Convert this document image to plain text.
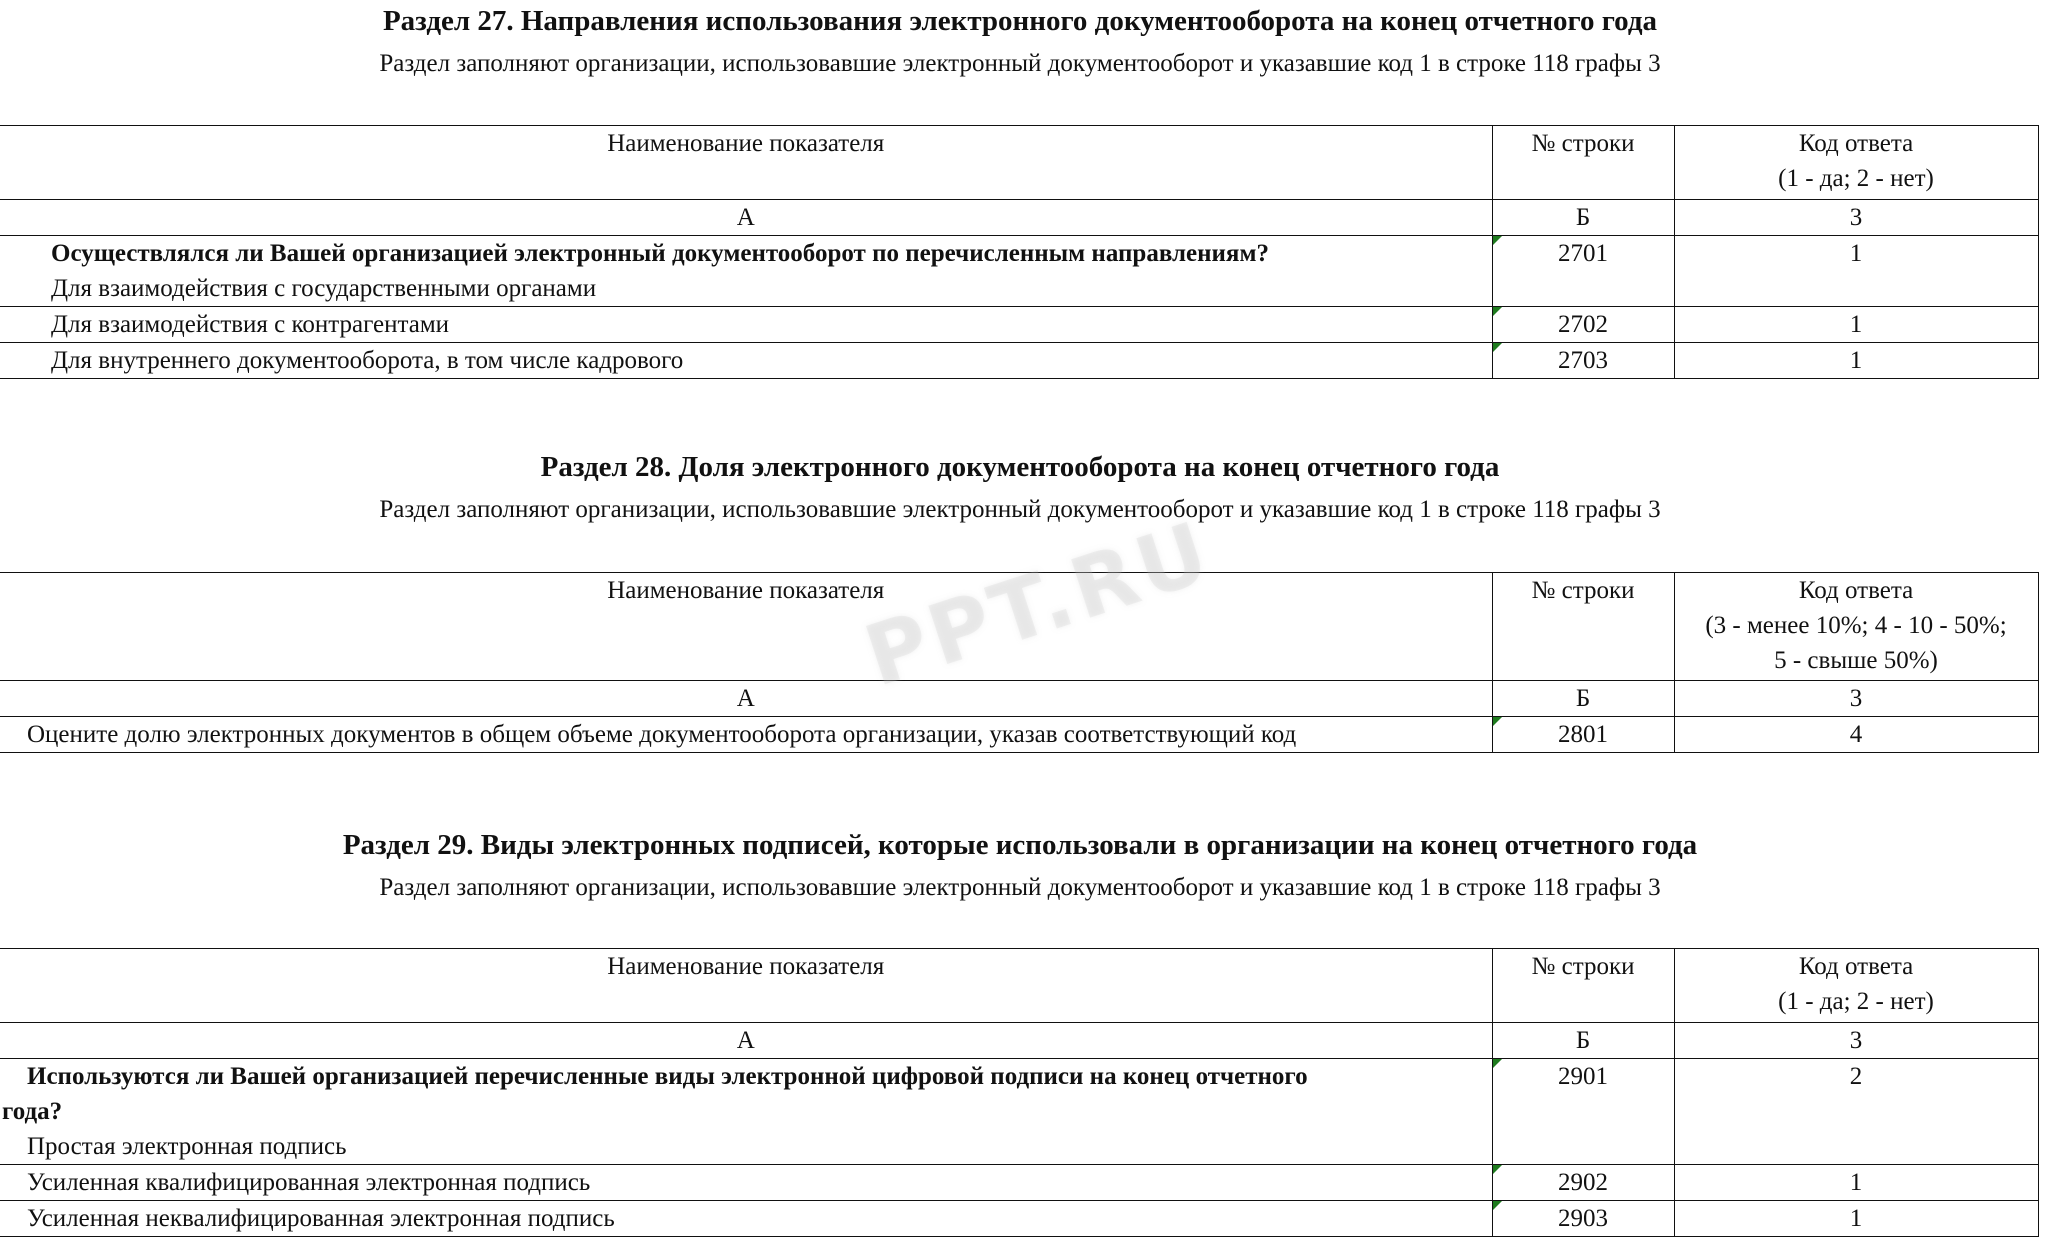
Раздел 27. Направления использования электронного документооборота на конец отчетного года
Раздел заполняют организации, использовавшие электронный документооборот и указавшие код 1 в строке 118 графы 3
Наименование показателя	№ строки	Код ответа
(1 - да; 2 - нет)

А	Б	3

Осуществлялся ли Вашей организацией электронный документооборот по перечисленным направлениям?
Для взаимодействия с государственными органами	2701	1
Для взаимодействия с контрагентами	2702	1
Для внутреннего документооборота, в том числе кадрового	2703	1
Раздел 28. Доля электронного документооборота на конец отчетного года
Раздел заполняют организации, использовавшие электронный документооборот и указавшие код 1 в строке 118 графы 3
Наименование показателя	№ строки	Код ответа
(3 - менее 10%; 4 - 10 - 50%;
5 - свыше 50%)

А	Б	3
Оцените долю электронных документов в общем объеме документооборота организации, указав соответствующий код	2801	4
Раздел 29. Виды электронных подписей, которые использовали в организации на конец отчетного года
Раздел заполняют организации, использовавшие электронный документооборот и указавшие код 1 в строке 118 графы 3
Наименование показателя	№ строки	Код ответа
(1 - да; 2 - нет)

А	Б	3

Используются ли Вашей организацией перечисленные виды электронной цифровой подписи на конец отчетного
года?
Простая электронная подпись	2901	2
Усиленная квалифицированная электронная подпись	2902	1
Усиленная неквалифицированная электронная подпись	2903	1
PPT.RU
